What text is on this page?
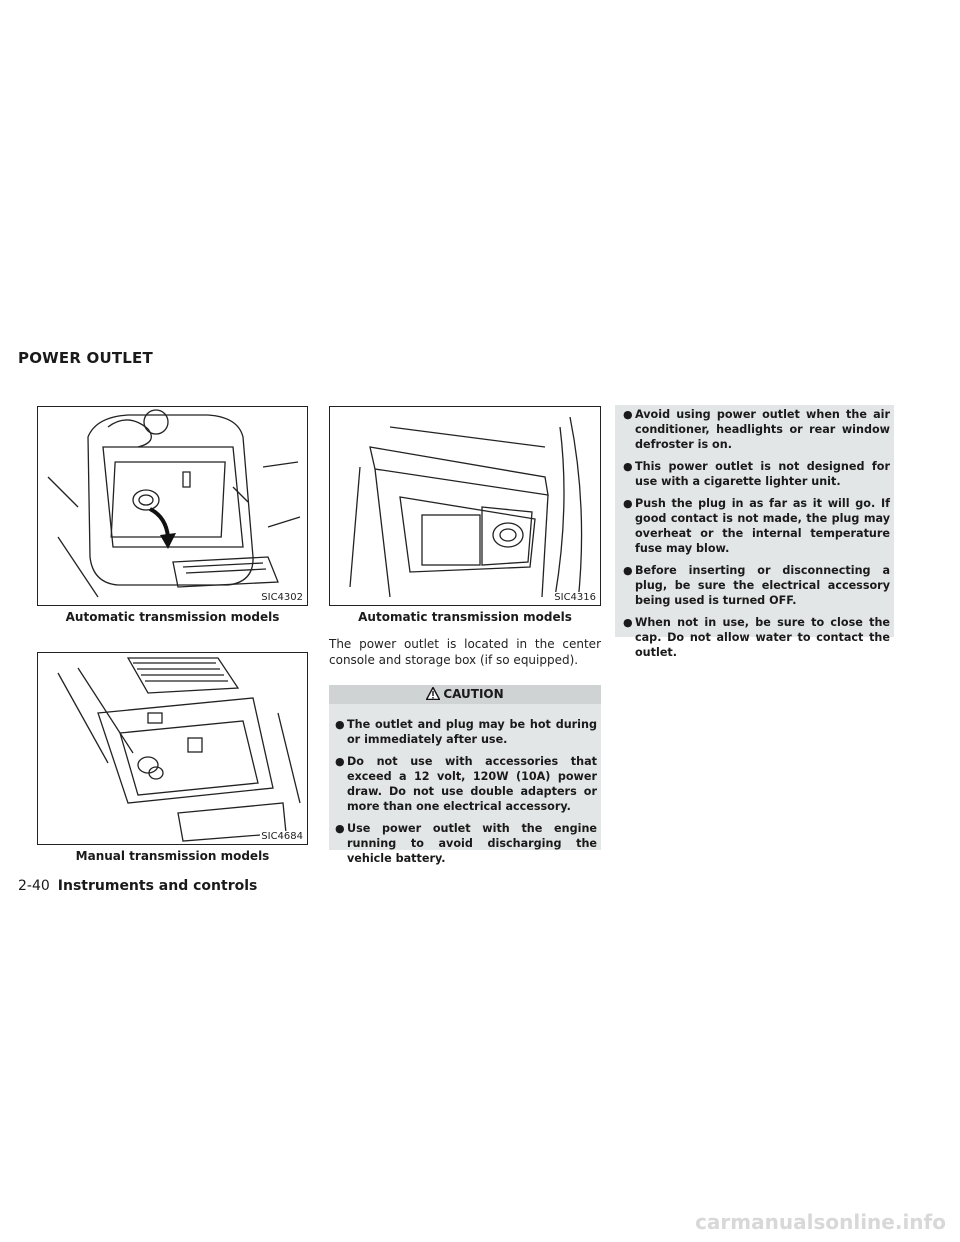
POWER OUTLET
SIC4302
Automatic transmission models
SIC4316
Automatic transmission models
SIC4684
Manual transmission models
The power outlet is located in the center console and storage box (if so equipped).
CAUTION
● The outlet and plug may be hot during or immediately after use.
● Do not use with accessories that exceed a 12 volt, 120W (10A) power draw. Do not use double adapters or more than one electrical accessory.
● Use power outlet with the engine running to avoid discharging the vehicle battery.
● Avoid using power outlet when the air conditioner, headlights or rear window defroster is on.
● This power outlet is not designed for use with a cigarette lighter unit.
● Push the plug in as far as it will go. If good contact is not made, the plug may overheat or the internal temperature fuse may blow.
● Before inserting or disconnecting a plug, be sure the electrical accessory being used is turned OFF.
● When not in use, be sure to close the cap. Do not allow water to contact the outlet.
2-40 Instruments and controls
carmanualsonline.info
